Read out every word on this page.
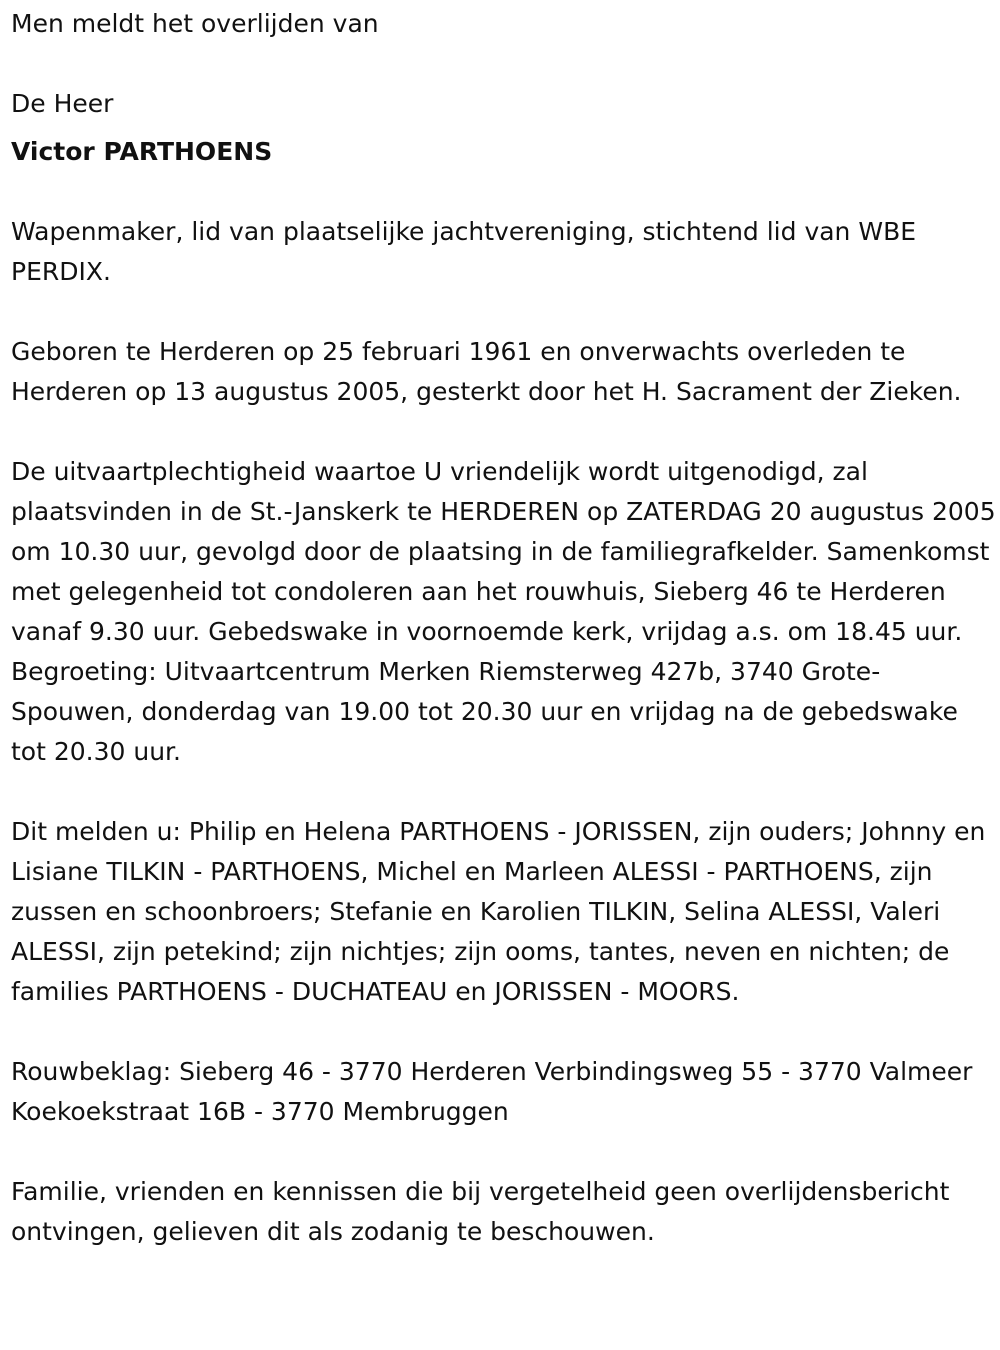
Men meldt het overlijden van

De Heer

Victor PARTHOENS

Wapenmaker, lid van plaatselijke jachtvereniging, stichtend lid van WBE PERDIX.

Geboren te Herderen op 25 februari 1961 en onverwachts overleden te Herderen op 13 augustus 2005, gesterkt door het H. Sacrament der Zieken.

De uitvaartplechtigheid waartoe U vriendelijk wordt uitgenodigd, zal plaatsvinden in de St.-Janskerk te HERDEREN op ZATERDAG 20 augustus 2005 om 10.30 uur, gevolgd door de plaatsing in de familiegrafkelder. Samenkomst met gelegenheid tot condoleren aan het rouwhuis, Sieberg 46 te Herderen vanaf 9.30 uur. Gebedswake in voornoemde kerk, vrijdag a.s. om 18.45 uur. Begroeting: Uitvaartcentrum Merken Riemsterweg 427b, 3740 Grote-Spouwen, donderdag van 19.00 tot 20.30 uur en vrijdag na de gebedswake tot 20.30 uur.

Dit melden u: Philip en Helena PARTHOENS - JORISSEN, zijn ouders; Johnny en Lisiane TILKIN - PARTHOENS, Michel en Marleen ALESSI - PARTHOENS, zijn zussen en schoonbroers; Stefanie en Karolien TILKIN, Selina ALESSI, Valeri ALESSI, zijn petekind; zijn nichtjes; zijn ooms, tantes, neven en nichten; de families PARTHOENS - DUCHATEAU en JORISSEN - MOORS.

Rouwbeklag: Sieberg 46 - 3770 Herderen Verbindingsweg 55 - 3770 Valmeer Koekoekstraat 16B - 3770 Membruggen

Familie, vrienden en kennissen die bij vergetelheid geen overlijdensbericht ontvingen, gelieven dit als zodanig te beschouwen.
